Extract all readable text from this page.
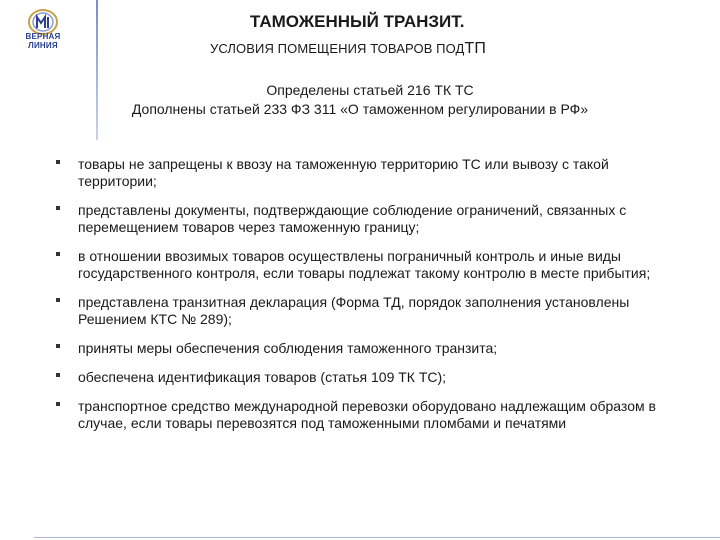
ВЕРНАЯ ЛИНИЯ
ТАМОЖЕННЫЙ ТРАНЗИТ.
УСЛОВИЯ ПОМЕЩЕНИЯ ТОВАРОВ ПОДТП
Определены статьей 216 ТК ТС
Дополнены статьей 233 ФЗ 311 «О таможенном регулировании в РФ»
товары не запрещены к ввозу на таможенную территорию ТС или вывозу с такой территории;
представлены документы, подтверждающие соблюдение ограничений, связанных с перемещением товаров через таможенную границу;
в отношении ввозимых товаров осуществлены пограничный контроль и иные виды государственного контроля, если товары подлежат такому контролю в месте прибытия;
представлена транзитная декларация (Форма ТД, порядок заполнения установлены Решением КТС № 289);
приняты меры обеспечения соблюдения таможенного транзита;
обеспечена идентификация товаров (статья 109 ТК ТС);
транспортное средство международной перевозки оборудовано надлежащим образом в случае, если товары перевозятся под таможенными пломбами и печатями
